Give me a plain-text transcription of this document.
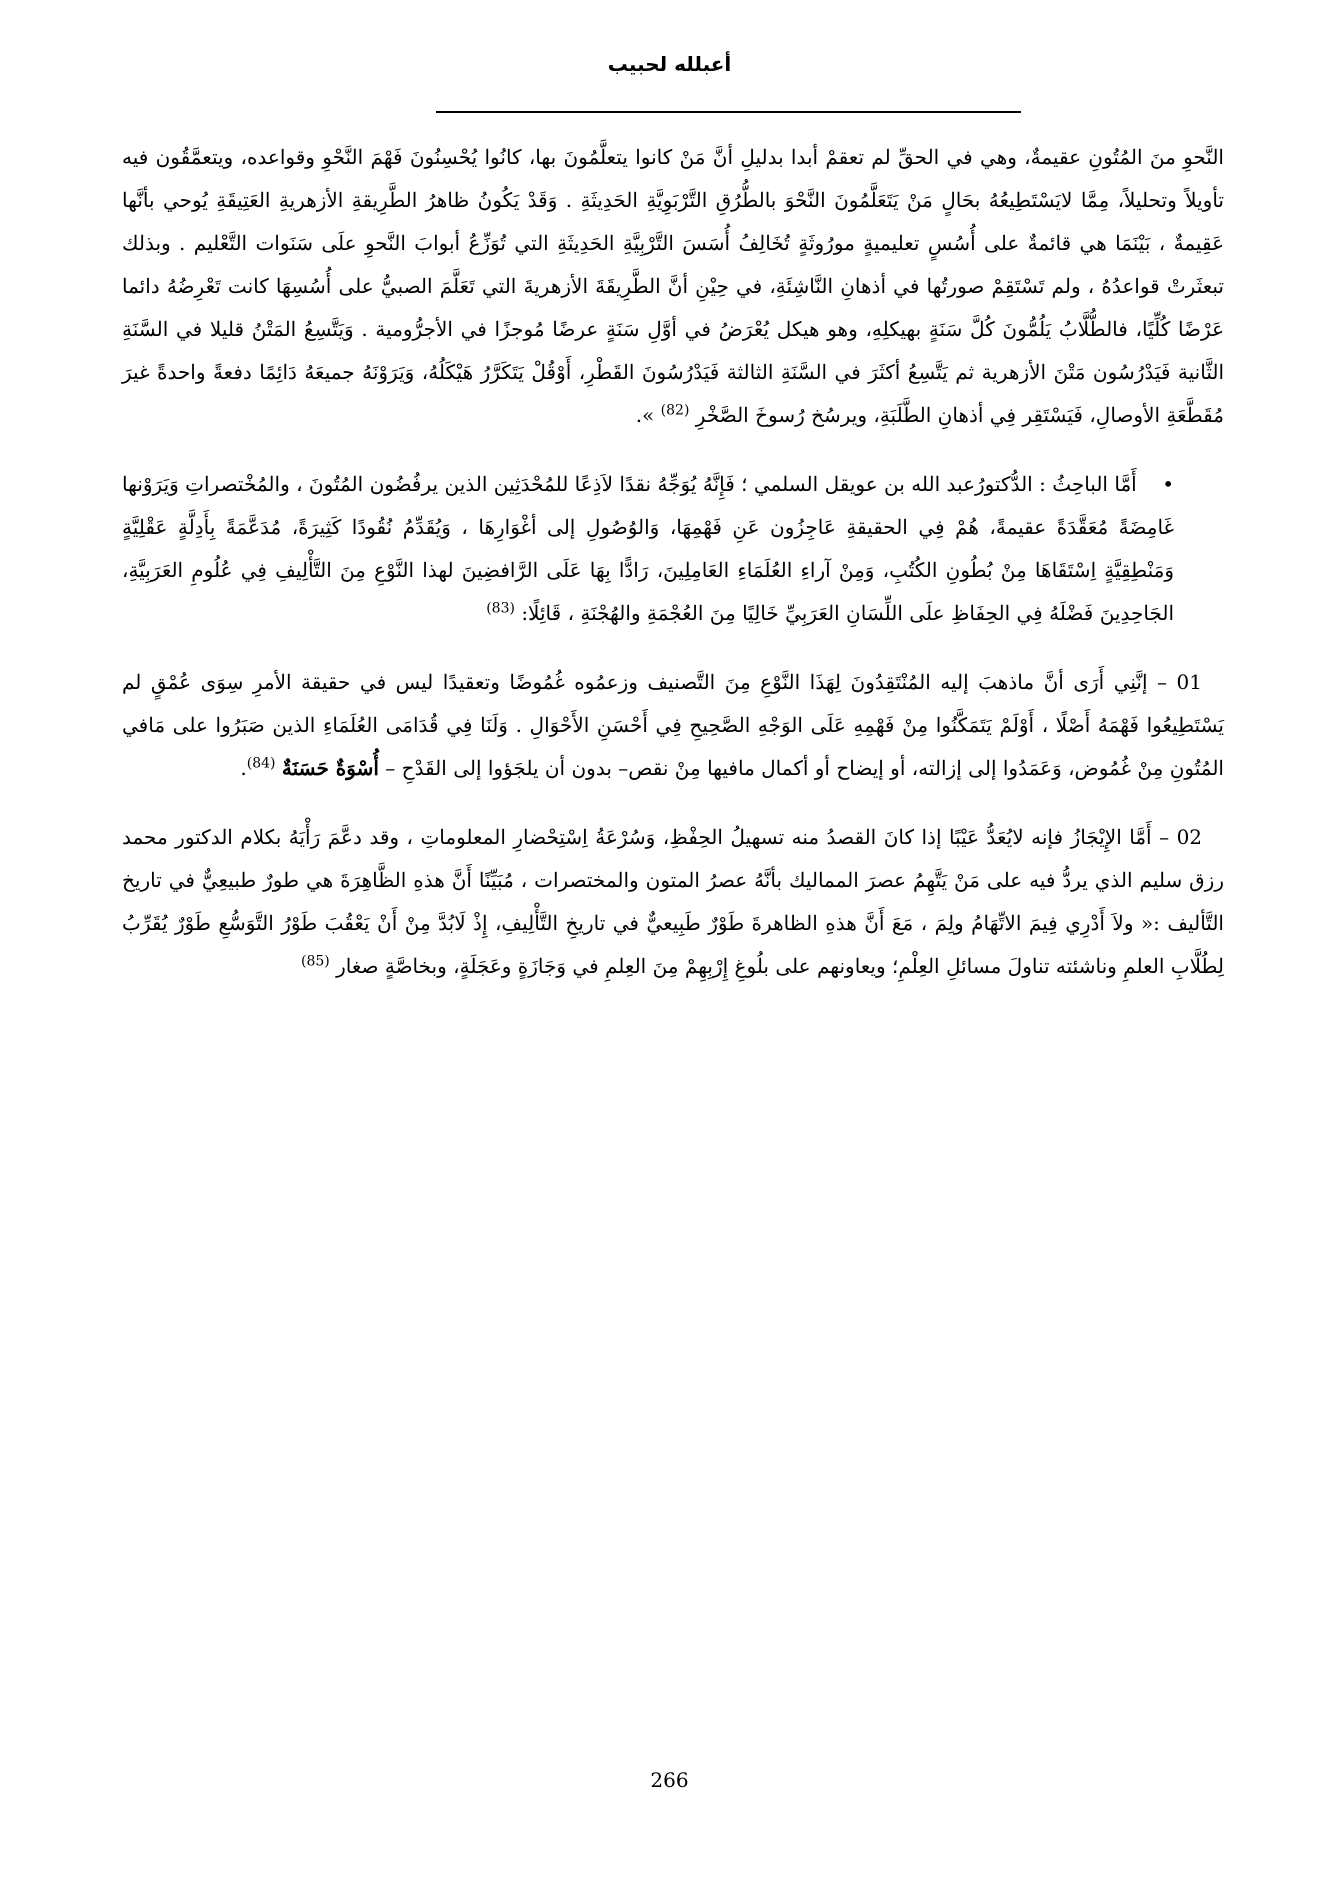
أعبلله لحبيب

النَّحوِ منَ المُتُونِ عقيمةٌ، وهي في الحقِّ لم تعقمْ أبدا بدليلِ أنَّ مَنْ كانوا يتعلَّمُونَ بها، كانُوا يُحْسِنُونَ فَهْمَ النَّحْوِ وقواعده، ويتعمَّقُون فيه تأويلاً وتحليلاً، مِمَّا لايَسْتَطِيعُهُ بحَالٍ مَنْ يَتَعَلَّمُونَ النَّحْوَ بالطُّرُقِ التَّرْبَوِيَّةِ الحَدِيثَةِ . وَقَدْ يَكُونُ ظاهرُ الطَّرِيقةِ الأزهريةِ العَتِيقَةِ يُوحي بأنَّها عَقِيمةٌ ، بَيْنَمَا هي قائمةٌ على أُسُسٍ تعليميةٍ مورُوثَةٍ تُخَالِفُ أُسَسَ التَّرْبِيَّةِ الحَدِيثَةِ التي تُوَزِّعُ أبوابَ النَّحوِ علَى سَنَوات التَّعْليم . وبذلك تبعثَرتْ قواعدُهُ ، ولم تَسْتَقِمْ صورتُها في أذهانِ النَّاشِئَةِ، في حِيْنِ أنَّ الطَّرِيقَةَ الأزهريةَ التي تَعَلَّمَ الصبيُّ على أُسُسِهَا كانت تَعْرِضُهُ دائما عَرْضًا كُلِّيًا، فالطُّلَّابُ يَلُمُّونَ كُلَّ سَنَةٍ بهيكلِهِ، وهو هيكل يُعْرَضُ في أوَّلِ سَنَةٍ عرضًا مُوجزًا في الأجرُّومية . وَيَتَّسِعُ المَتْنُ قليلا في السَّنَةِ الثَّانية فَيَدْرُسُون مَتْنَ الأزهرية ثم يَتَّسِعُ أكثَرَ في السَّنَةِ الثالثة فَيَدْرُسُونَ القَطْرِ، أَوْقُلْ يَتَكَرَّرُ هَيْكَلُهُ، وَيَرَوْنَهُ جميعَهُ دَائِمًا دفعةً واحدةً غيرَ مُقَطَّعَةِ الأوصالِ، فَيَسْتَقِر فِي أذهانِ الطَّلَبَةِ، ويرسُخ رُسوخَ الصَّخْرِ $^{(82)}$ ».

•    أَمَّا الباحِثُ : الدُّكتورُعبد الله بن عويقل السلمي ؛ فَإِنَّهُ يُوَجِّهُ نقدًا لاَذِعًا للمُحْدَثِين الذين يرفُضُون المُتُونَ ، والمُخْتصراتِ وَيَرَوْنها غَامِضَةً مُعَقَّدَةً عقيمةً، هُمْ فِي الحقيقةِ عَاجِزُون عَنِ فَهْمِهَا، وَالوُصُولِ إلى أغْوَارِهَا ، وَيُقَدِّمُ نُقُودًا كَثِيرَةً، مُدَعَّمَةً بِأَدِلَّةٍ عَقْلِيَّةٍ وَمَنْطِقِيَّةٍ اِسْتَقَاهَا مِنْ بُطُونِ الكُتُبِ، وَمِنْ آراءِ العُلَمَاءِ العَامِلِينَ، رَادًّا بِهَا عَلَى الرَّافضِينَ لهذا النَّوْعِ مِنَ التَّأْلِيفِ فِي عُلُومِ العَرَبِيَّةِ، الجَاحِدِينَ فَضْلَهُ فِي الحِفَاظِ علَى اللِّسَانِ العَرَبِيِّ خَالِيًا مِنَ العُجْمَةِ والهُجْنَةِ ، قَائِلًا: $^{(83)}$

01 – إنَّنِي أَرَى أنَّ ماذهبَ إليه المُنْتَقِدُونَ لِهَذَا النَّوْعِ مِنَ التَّصنيف وزعمُوه غُمُوضًا وتعقيدًا ليس في حقيقة الأمرِ سِوَى عُمْقٍ لم يَسْتَطِيعُوا فَهْمَهُ أَصْلًا ، أَوْلَمْ يَتَمَكَّنُوا مِنْ فَهْمِهِ عَلَى الوَجْهِ الصَّحِيحِ فِي أَحْسَنِ الأَحْوَالِ . وَلَنَا فِي قُدَامَى العُلَمَاءِ الذين صَبَرُوا على مَافي المُتُونِ مِنْ غُمُوض، وَعَمَدُوا إلى إزالته، أو إيضاح أو أكمال مافيها مِنْ نقص– بدون أن يلجَؤوا إلى القَدْحِ – أُسْوَةٌ حَسَنَةٌ $^{(84)}$.

02 – أَمَّا الإِيْجَازُ فإنه لايُعَدُّ عَيْبًا إذا كانَ القصدُ منه تسهيلُ الحِفْظِ، وَسُرْعَةُ اِسْتِحْضارِ المعلوماتِ ، وقد دعَّمَ رَأْيَهُ بكلام الدكتور محمد رزق سليم الذي يردُّ فيه على مَنْ يَتَّهِمُ عصرَ المماليك بأنَّهُ عصرُ المتون والمختصرات ، مُبَيِّنًا أَنَّ هذهِ الظَّاهِرَةَ هي طورٌ طبيعِيٌّ في تاريخ التَّأليف :« ولاَ أَدْرِي فِيمَ الاتِّهَامُ ولِمَ ، مَعَ أَنَّ هذهِ الظاهرةَ طَوْرٌ طَبِيعيٌّ في تاريخِ التَّأْلِيفِ، إِذْ لَابُدَّ مِنْ أَنْ يَعْقُبَ طَوْرُ التَّوَسُّعِ طَوْرٌ يُقَرِّبُ لِطُلَّابِ العلمِ وناشئته تناولَ مسائلِ العِلْمِ؛ ويعاونهم على بلُوغِ إِرْبِهِمْ مِنَ العِلمِ في وَجَازَةٍ وعَجَلَةٍ، وبخاصَّةٍ صغار $^{(85)}$

266
